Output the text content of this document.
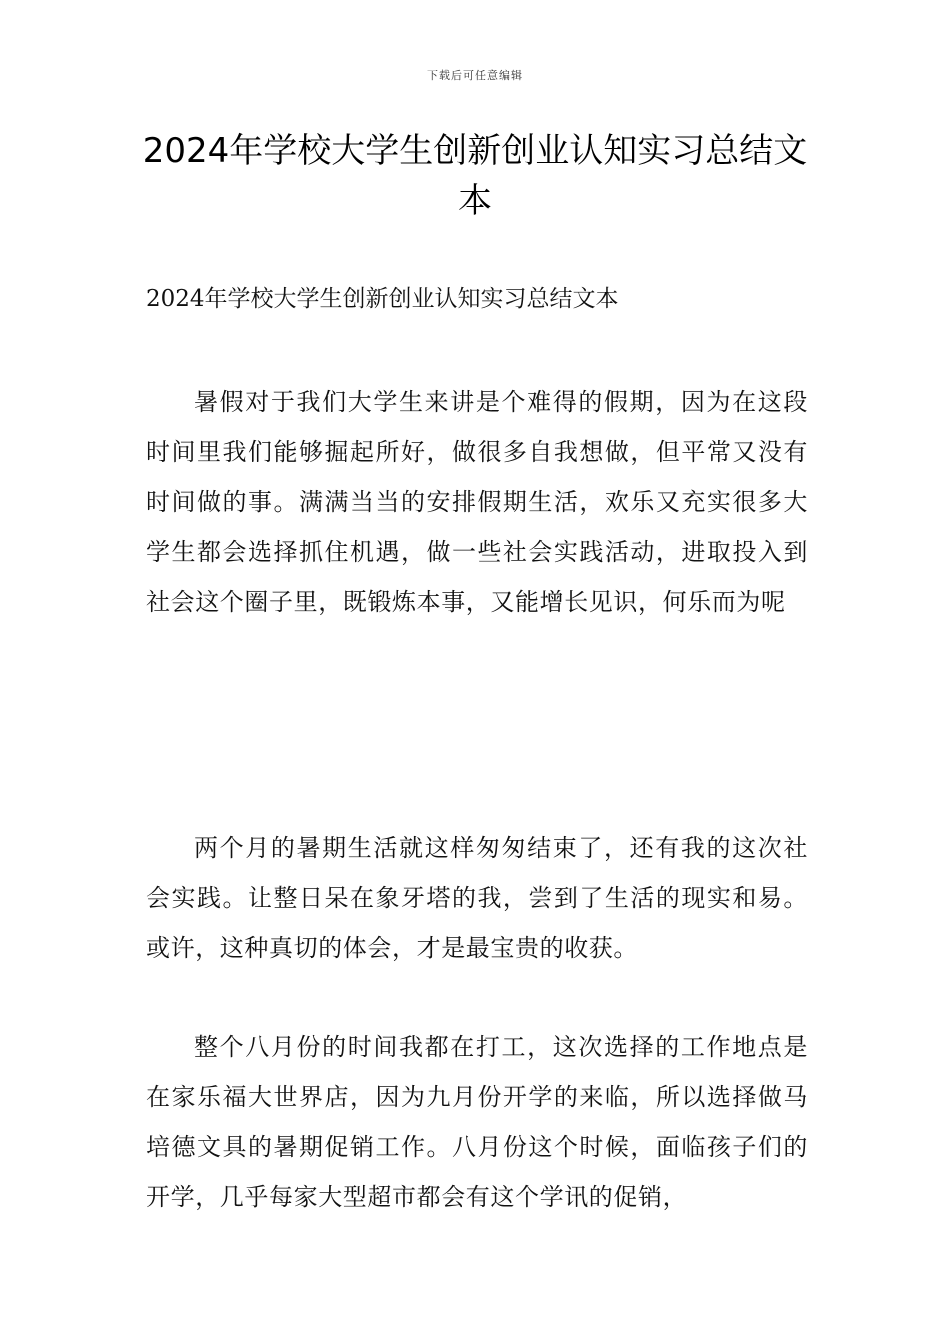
下载后可任意编辑
2024年学校大学生创新创业认知实习总结文本

2024年学校大学生创新创业认知实习总结文本

暑假对于我们大学生来讲是个难得的假期，因为在这段时间里我们能够掘起所好，做很多自我想做，但平常又没有时间做的事。满满当当的安排假期生活，欢乐又充实很多大学生都会选择抓住机遇，做一些社会实践活动，进取投入到社会这个圈子里，既锻炼本事，又能增长见识，何乐而为呢

两个月的暑期生活就这样匆匆结束了，还有我的这次社会实践。让整日呆在象牙塔的我，尝到了生活的现实和易。或许，这种真切的体会，才是最宝贵的收获。

整个八月份的时间我都在打工，这次选择的工作地点是在家乐福大世界店，因为九月份开学的来临，所以选择做马培德文具的暑期促销工作。八月份这个时候，面临孩子们的开学，几乎每家大型超市都会有这个学讯的促销，
